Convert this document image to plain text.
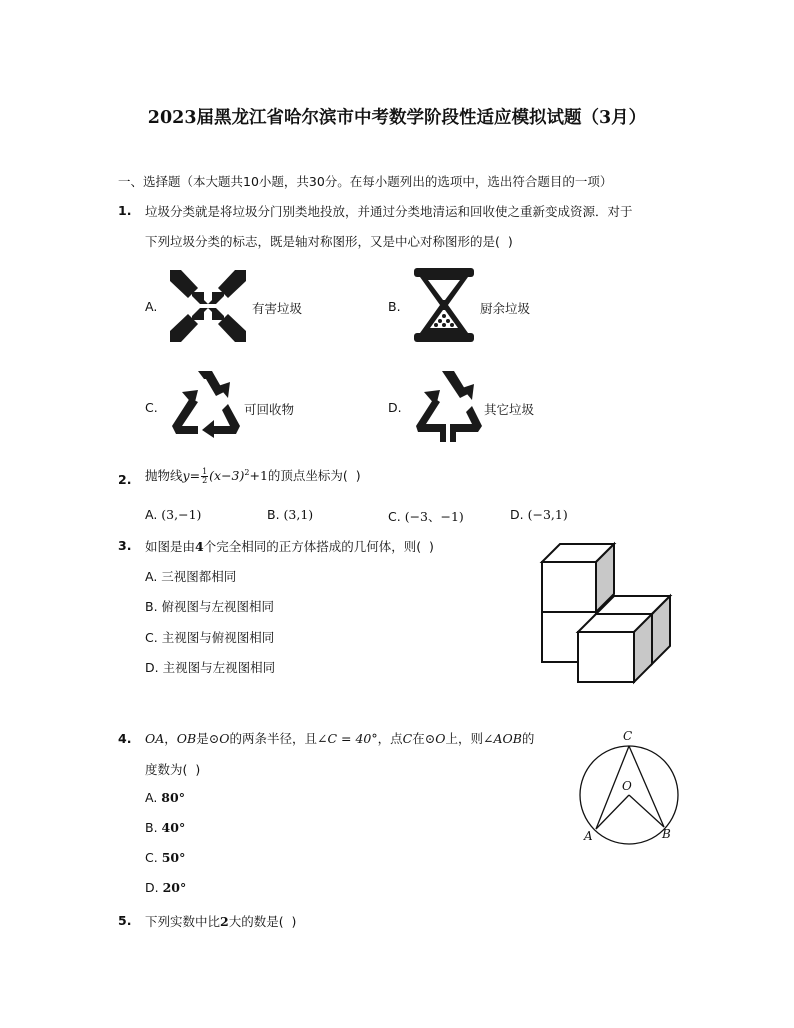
2023届黑龙江省哈尔滨市中考数学阶段性适应模拟试题（3月）
一、选择题（本大题共10小题，共30分。在每小题列出的选项中，选出符合题目的一项）
1. 垃圾分类就是将垃圾分门别类地投放，并通过分类地清运和回收使之重新变成资源．对于
下列垃圾分类的标志，既是轴对称图形，又是中心对称图形的是(  )
A.	有害垃圾	B.	厨余垃圾
C.	可回收物	D.	其它垃圾
2. 抛物线$y= \frac{1}{2} (x-3)^2+1$的顶点坐标为(  )
A. (3,−1)	B. (3,1)	C. (−3、−1)	D. (−3,1)
3. 如图是由4个完全相同的正方体搭成的几何体，则(  )
A. 三视图都相同
B. 俯视图与左视图相同
C. 主视图与俯视图相同
D. 主视图与左视图相同
4. OA，OB是⊙O的两条半径，且∠C = 40°，点C在⊙O上，则∠AOB的
度数为(  )
A. 80°
B. 40°
C. 50°
D. 20°
C
O
A	B
5. 下列实数中比2大的数是(  )
